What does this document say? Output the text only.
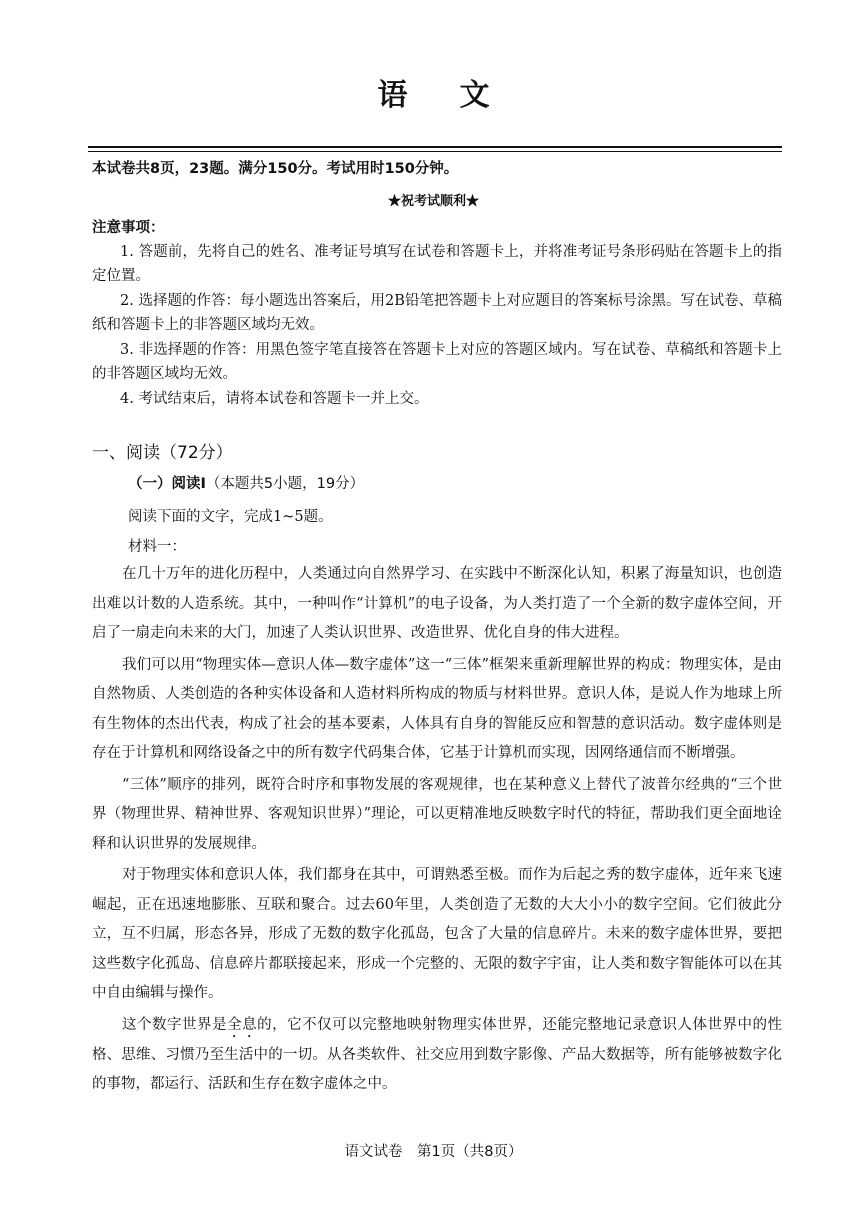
语文
本试卷共8页，23题。满分150分。考试用时150分钟。
★祝考试顺利★
注意事项：

1. 答题前，先将自己的姓名、准考证号填写在试卷和答题卡上，并将准考证号条形码贴在答题卡上的指定位置。

2. 选择题的作答：每小题选出答案后，用2B铅笔把答题卡上对应题目的答案标号涂黑。写在试卷、草稿纸和答题卡上的非答题区域均无效。

3. 非选择题的作答：用黑色签字笔直接答在答题卡上对应的答题区域内。写在试卷、草稿纸和答题卡上的非答题区域均无效。

4. 考试结束后，请将本试卷和答题卡一并上交。

一、阅读（72分）
（一）阅读Ⅰ（本题共5小题，19分）
阅读下面的文字，完成1~5题。
材料一：

在几十万年的进化历程中，人类通过向自然界学习、在实践中不断深化认知，积累了海量知识，也创造出难以计数的人造系统。其中，一种叫作“计算机”的电子设备，为人类打造了一个全新的数字虚体空间，开启了一扇走向未来的大门，加速了人类认识世界、改造世界、优化自身的伟大进程。

我们可以用“物理实体—意识人体—数字虚体”这一“三体”框架来重新理解世界的构成：物理实体，是由自然物质、人类创造的各种实体设备和人造材料所构成的物质与材料世界。意识人体，是说人作为地球上所有生物体的杰出代表，构成了社会的基本要素，人体具有自身的智能反应和智慧的意识活动。数字虚体则是存在于计算机和网络设备之中的所有数字代码集合体，它基于计算机而实现，因网络通信而不断增强。

“三体”顺序的排列，既符合时序和事物发展的客观规律，也在某种意义上替代了波普尔经典的“三个世界（物理世界、精神世界、客观知识世界）”理论，可以更精准地反映数字时代的特征，帮助我们更全面地诠释和认识世界的发展规律。

对于物理实体和意识人体，我们都身在其中，可谓熟悉至极。而作为后起之秀的数字虚体，近年来飞速崛起，正在迅速地膨胀、互联和聚合。过去60年里，人类创造了无数的大大小小的数字空间。它们彼此分立，互不归属，形态各异，形成了无数的数字化孤岛，包含了大量的信息碎片。未来的数字虚体世界，要把这些数字化孤岛、信息碎片都联接起来，形成一个完整的、无限的数字宇宙，让人类和数字智能体可以在其中自由编辑与操作。

这个数字世界是全息的，它不仅可以完整地映射物理实体世界，还能完整地记录意识人体世界中的性格、思维、习惯乃至生活中的一切。从各类软件、社交应用到数字影像、产品大数据等，所有能够被数字化的事物，都运行、活跃和生存在数字虚体之中。

语文试卷　第1页（共8页）
